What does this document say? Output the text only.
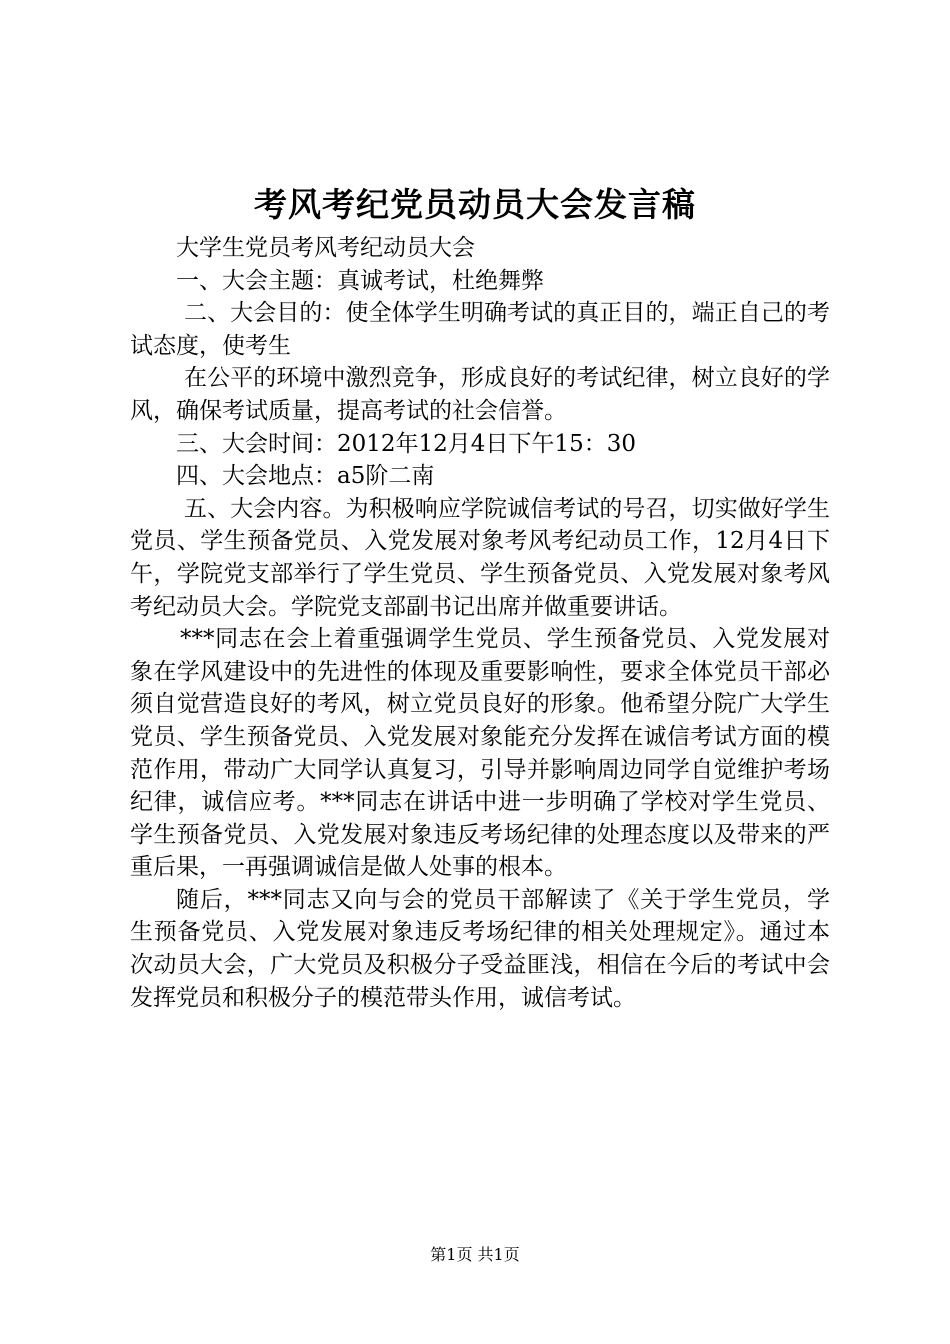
考风考纪党员动员大会发言稿

大学生党员考风考纪动员大会

一、大会主题：真诚考试，杜绝舞弊

二、大会目的：使全体学生明确考试的真正目的，端正自己的考试态度，使考生

在公平的环境中激烈竞争，形成良好的考试纪律，树立良好的学风，确保考试质量，提高考试的社会信誉。

三、大会时间：2012年12月4日下午15：30

四、大会地点：a5阶二南

五、大会内容。为积极响应学院诚信考试的号召，切实做好学生党员、学生预备党员、入党发展对象考风考纪动员工作，12月4日下午，学院党支部举行了学生党员、学生预备党员、入党发展对象考风考纪动员大会。学院党支部副书记出席并做重要讲话。

***同志在会上着重强调学生党员、学生预备党员、入党发展对象在学风建设中的先进性的体现及重要影响性，要求全体党员干部必须自觉营造良好的考风，树立党员良好的形象。他希望分院广大学生党员、学生预备党员、入党发展对象能充分发挥在诚信考试方面的模范作用，带动广大同学认真复习，引导并影响周边同学自觉维护考场纪律，诚信应考。***同志在讲话中进一步明确了学校对学生党员、学生预备党员、入党发展对象违反考场纪律的处理态度以及带来的严重后果，一再强调诚信是做人处事的根本。

随后，***同志又向与会的党员干部解读了《关于学生党员，学生预备党员、入党发展对象违反考场纪律的相关处理规定》。通过本次动员大会，广大党员及积极分子受益匪浅，相信在今后的考试中会发挥党员和积极分子的模范带头作用，诚信考试。

第1页 共1页
